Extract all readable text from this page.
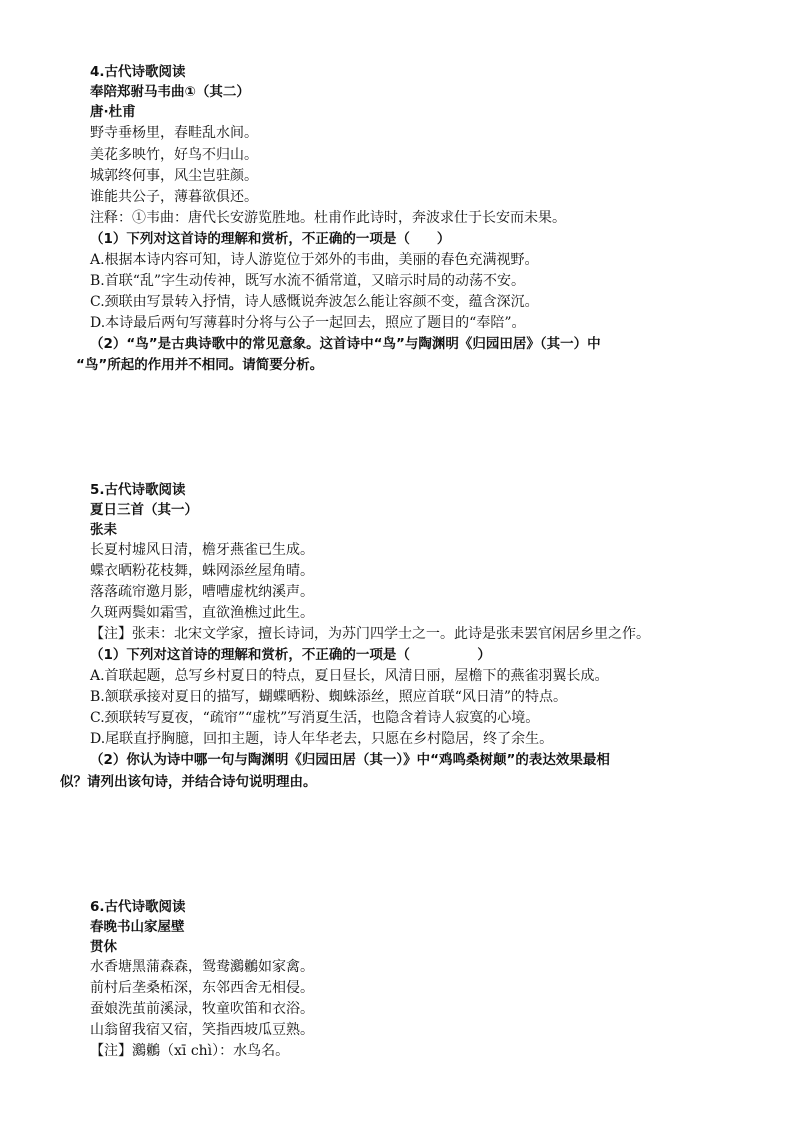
4.古代诗歌阅读
奉陪郑驸马韦曲①（其二）
唐·杜甫
野寺垂杨里，春畦乱水间。
美花多映竹，好鸟不归山。
城郭终何事，风尘岂驻颜。
谁能共公子，薄暮欲俱还。
注释：①韦曲：唐代长安游览胜地。杜甫作此诗时，奔波求仕于长安而未果。
（1）下列对这首诗的理解和赏析，不正确的一项是（　　）
A.根据本诗内容可知，诗人游览位于郊外的韦曲，美丽的春色充满视野。
B.首联“乱”字生动传神，既写水流不循常道，又暗示时局的动荡不安。
C.颈联由写景转入抒情，诗人感慨说奔波怎么能让容颜不变，蕴含深沉。
D.本诗最后两句写薄暮时分将与公子一起回去，照应了题目的“奉陪”。
（2）“鸟”是古典诗歌中的常见意象。这首诗中“鸟”与陶渊明《归园田居》（其一）中
“鸟”所起的作用并不相同。请简要分析。
5.古代诗歌阅读
夏日三首（其一）
张耒
长夏村墟风日清，檐牙燕雀已生成。
蝶衣晒粉花枝舞，蛛网添丝屋角晴。
落落疏帘邀月影，嘈嘈虚枕纳溪声。
久斑两鬓如霜雪，直欲渔樵过此生。
【注】张耒：北宋文学家，擅长诗词，为苏门四学士之一。此诗是张耒罢官闲居乡里之作。
（1）下列对这首诗的理解和赏析，不正确的一项是（　　　　　）
A.首联起题，总写乡村夏日的特点，夏日昼长，风清日丽，屋檐下的燕雀羽翼长成。
B.颔联承接对夏日的描写，蝴蝶晒粉、蜘蛛添丝，照应首联“风日清”的特点。
C.颈联转写夏夜，“疏帘”“虚枕”写消夏生活，也隐含着诗人寂寞的心境。
D.尾联直抒胸臆，回扣主题，诗人年华老去，只愿在乡村隐居，终了余生。
（2）你认为诗中哪一句与陶渊明《归园田居（其一）》中“鸡鸣桑树颠”的表达效果最相
似？请列出该句诗，并结合诗句说明理由。
6.古代诗歌阅读
春晚书山家屋壁
贯休
水香塘黑蒲森森，鸳鸯鸂鶒如家禽。
前村后垄桑柘深，东邻西舍无相侵。
蚕娘洗茧前溪渌，牧童吹笛和衣浴。
山翁留我宿又宿，笑指西坡瓜豆熟。
【注】鸂鶒（xī chì）：水鸟名。
